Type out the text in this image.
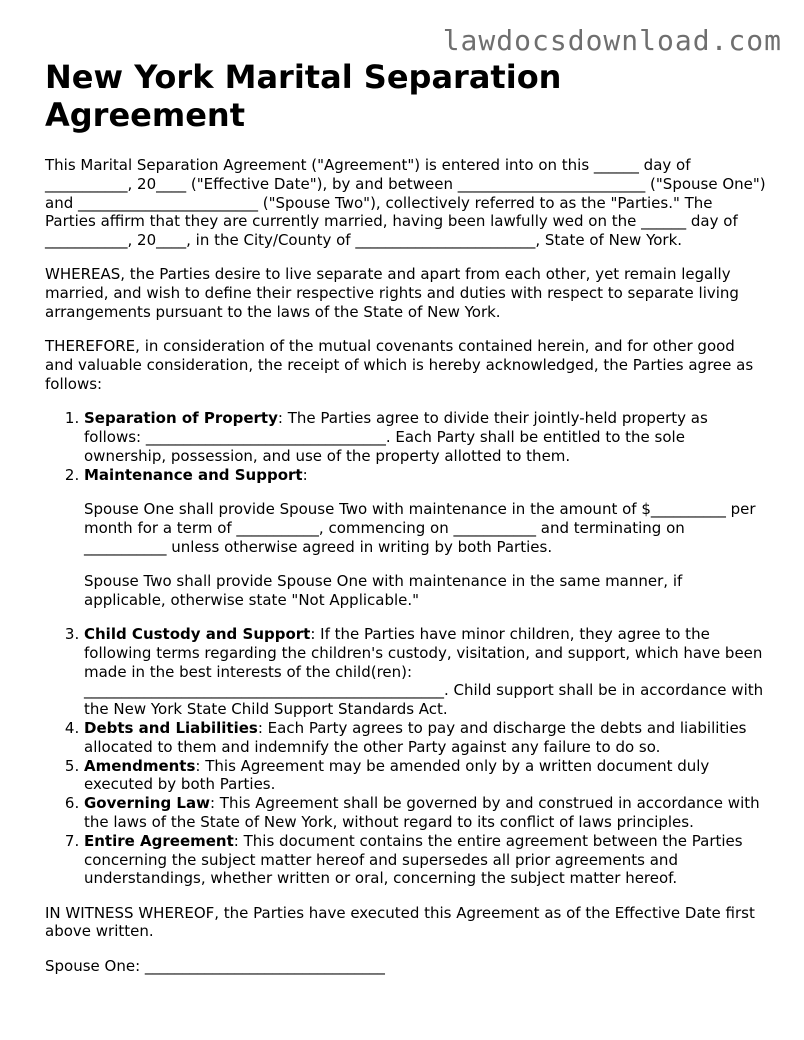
lawdocsdownload.com
New York Marital Separation Agreement

This Marital Separation Agreement ("Agreement") is entered into on this ______ day of ___________, 20____ ("Effective Date"), by and between _________________________ ("Spouse One") and ________________________ ("Spouse Two"), collectively referred to as the "Parties." The Parties affirm that they are currently married, having been lawfully wed on the ______ day of ___________, 20____, in the City/County of ________________________, State of New York.

WHEREAS, the Parties desire to live separate and apart from each other, yet remain legally married, and wish to define their respective rights and duties with respect to separate living arrangements pursuant to the laws of the State of New York.

THEREFORE, in consideration of the mutual covenants contained herein, and for other good and valuable consideration, the receipt of which is hereby acknowledged, the Parties agree as follows:

1. Separation of Property: The Parties agree to divide their jointly-held property as follows: ________________________________. Each Party shall be entitled to the sole ownership, possession, and use of the property allotted to them.
2. Maintenance and Support:

Spouse One shall provide Spouse Two with maintenance in the amount of $__________ per month for a term of ___________, commencing on ___________ and terminating on ___________ unless otherwise agreed in writing by both Parties.

Spouse Two shall provide Spouse One with maintenance in the same manner, if applicable, otherwise state "Not Applicable."

3. Child Custody and Support: If the Parties have minor children, they agree to the following terms regarding the children's custody, visitation, and support, which have been made in the best interests of the child(ren): ________________________________________________. Child support shall be in accordance with the New York State Child Support Standards Act.
4. Debts and Liabilities: Each Party agrees to pay and discharge the debts and liabilities allocated to them and indemnify the other Party against any failure to do so.
5. Amendments: This Agreement may be amended only by a written document duly executed by both Parties.
6. Governing Law: This Agreement shall be governed by and construed in accordance with the laws of the State of New York, without regard to its conflict of laws principles.
7. Entire Agreement: This document contains the entire agreement between the Parties concerning the subject matter hereof and supersedes all prior agreements and understandings, whether written or oral, concerning the subject matter hereof.

IN WITNESS WHEREOF, the Parties have executed this Agreement as of the Effective Date first above written.

Spouse One: ________________________________
